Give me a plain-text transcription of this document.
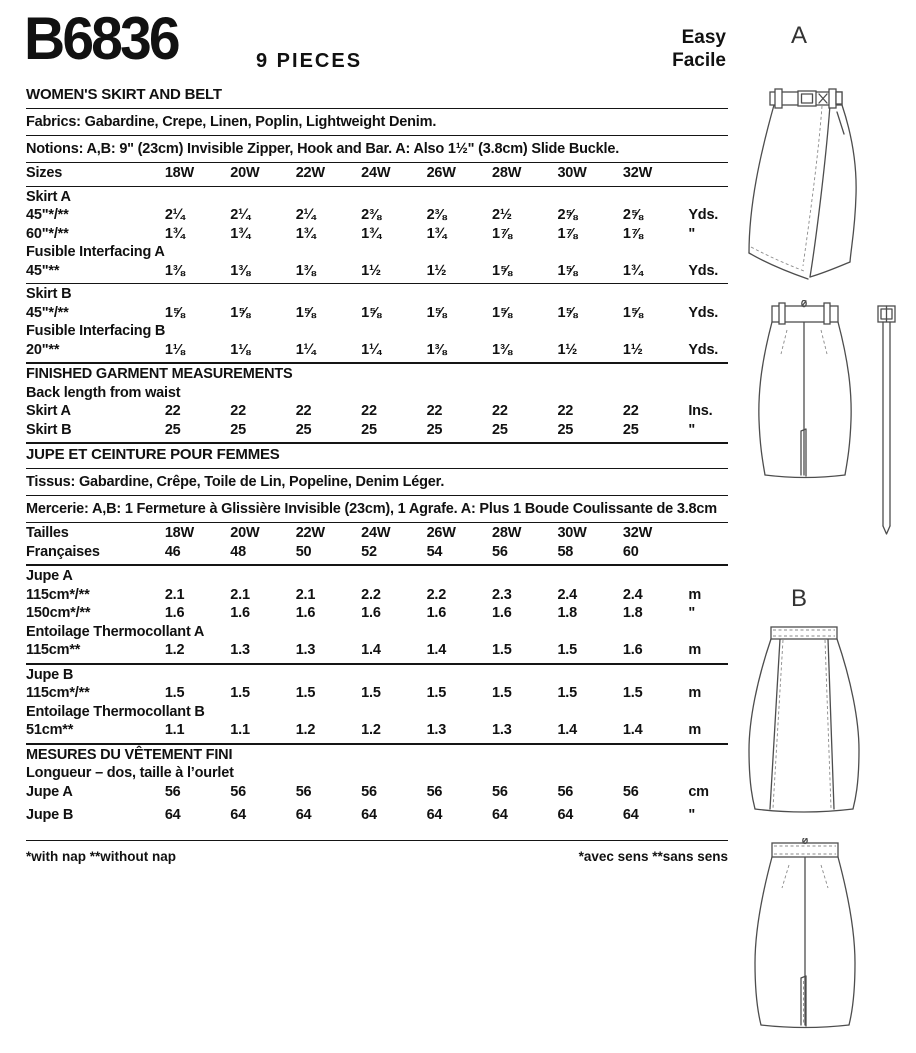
B6836	9 PIECES
Easy
Facile
WOMEN'S SKIRT AND BELT
Fabrics: Gabardine, Crepe, Linen, Poplin, Lightweight Denim.
Notions: A,B: 9" (23cm) Invisible Zipper, Hook and Bar. A: Also 1½" (3.8cm) Slide Buckle.
Sizes	18W	20W	22W	24W	26W	28W	30W	32W
Skirt A
45"*/**	2¼	2¼	2¼	2⅜	2⅜	2½	2⅝	2⅝	Yds.
60"*/**	1¾	1¾	1¾	1¾	1¾	1⅞	1⅞	1⅞	"
Fusible Interfacing A
45"**	1⅜	1⅜	1⅜	1½	1½	1⅝	1⅝	1¾	Yds.
Skirt B
45"*/**	1⅝	1⅝	1⅝	1⅝	1⅝	1⅝	1⅝	1⅝	Yds.
Fusible Interfacing B
20"**	1⅛	1⅛	1¼	1¼	1⅜	1⅜	1½	1½	Yds.
FINISHED GARMENT MEASUREMENTS
Back length from waist
Skirt A	22	22	22	22	22	22	22	22	Ins.
Skirt B	25	25	25	25	25	25	25	25	"
JUPE ET CEINTURE POUR FEMMES
Tissus: Gabardine, Crêpe, Toile de Lin, Popeline, Denim Léger.
Mercerie: A,B: 1 Fermeture à Glissière Invisible (23cm), 1 Agrafe. A: Plus 1 Boude Coulissante de 3.8cm
Tailles	18W	20W	22W	24W	26W	28W	30W	32W
Françaises	46	48	50	52	54	56	58	60
Jupe A
115cm*/**	2.1	2.1	2.1	2.2	2.2	2.3	2.4	2.4	m
150cm*/**	1.6	1.6	1.6	1.6	1.6	1.6	1.8	1.8	"
Entoilage Thermocollant A
115cm**	1.2	1.3	1.3	1.4	1.4	1.5	1.5	1.6	m
Jupe B
115cm*/**	1.5	1.5	1.5	1.5	1.5	1.5	1.5	1.5	m
Entoilage Thermocollant B
51cm**	1.1	1.1	1.2	1.2	1.3	1.3	1.4	1.4	m
MESURES DU VÊTEMENT FINI
Longueur – dos, taille à l’ourlet
Jupe A	56	56	56	56	56	56	56	56	cm
Jupe B	64	64	64	64	64	64	64	64	"
*with nap **without nap	*avec sens **sans sens
A
B
